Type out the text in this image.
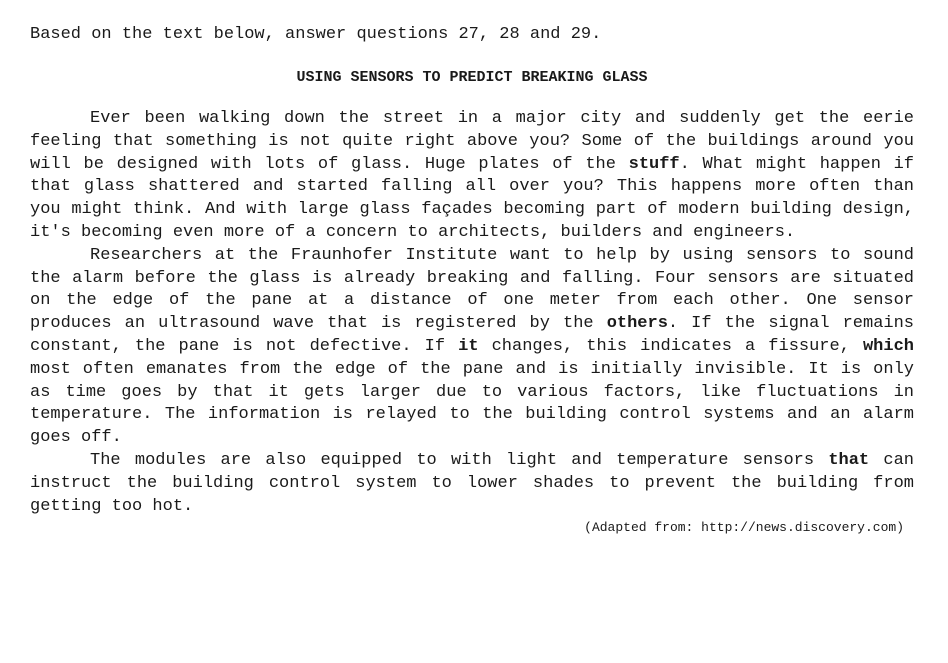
Based on the text below, answer questions 27, 28 and 29.

USING SENSORS TO PREDICT BREAKING GLASS

Ever been walking down the street in a major city and suddenly get the eerie feeling that something is not quite right above you? Some of the buildings around you will be designed with lots of glass. Huge plates of the stuff. What might happen if that glass shattered and started falling all over you? This happens more often than you might think. And with large glass façades becoming part of modern building design, it's becoming even more of a concern to architects, builders and engineers.

Researchers at the Fraunhofer Institute want to help by using sensors to sound the alarm before the glass is already breaking and falling. Four sensors are situated on the edge of the pane at a distance of one meter from each other. One sensor produces an ultrasound wave that is registered by the others. If the signal remains constant, the pane is not defective. If it changes, this indicates a fissure, which most often emanates from the edge of the pane and is initially invisible. It is only as time goes by that it gets larger due to various factors, like fluctuations in temperature. The information is relayed to the building control systems and an alarm goes off.

The modules are also equipped to with light and temperature sensors that can instruct the building control system to lower shades to prevent the building from getting too hot.

(Adapted from: http://news.discovery.com)
